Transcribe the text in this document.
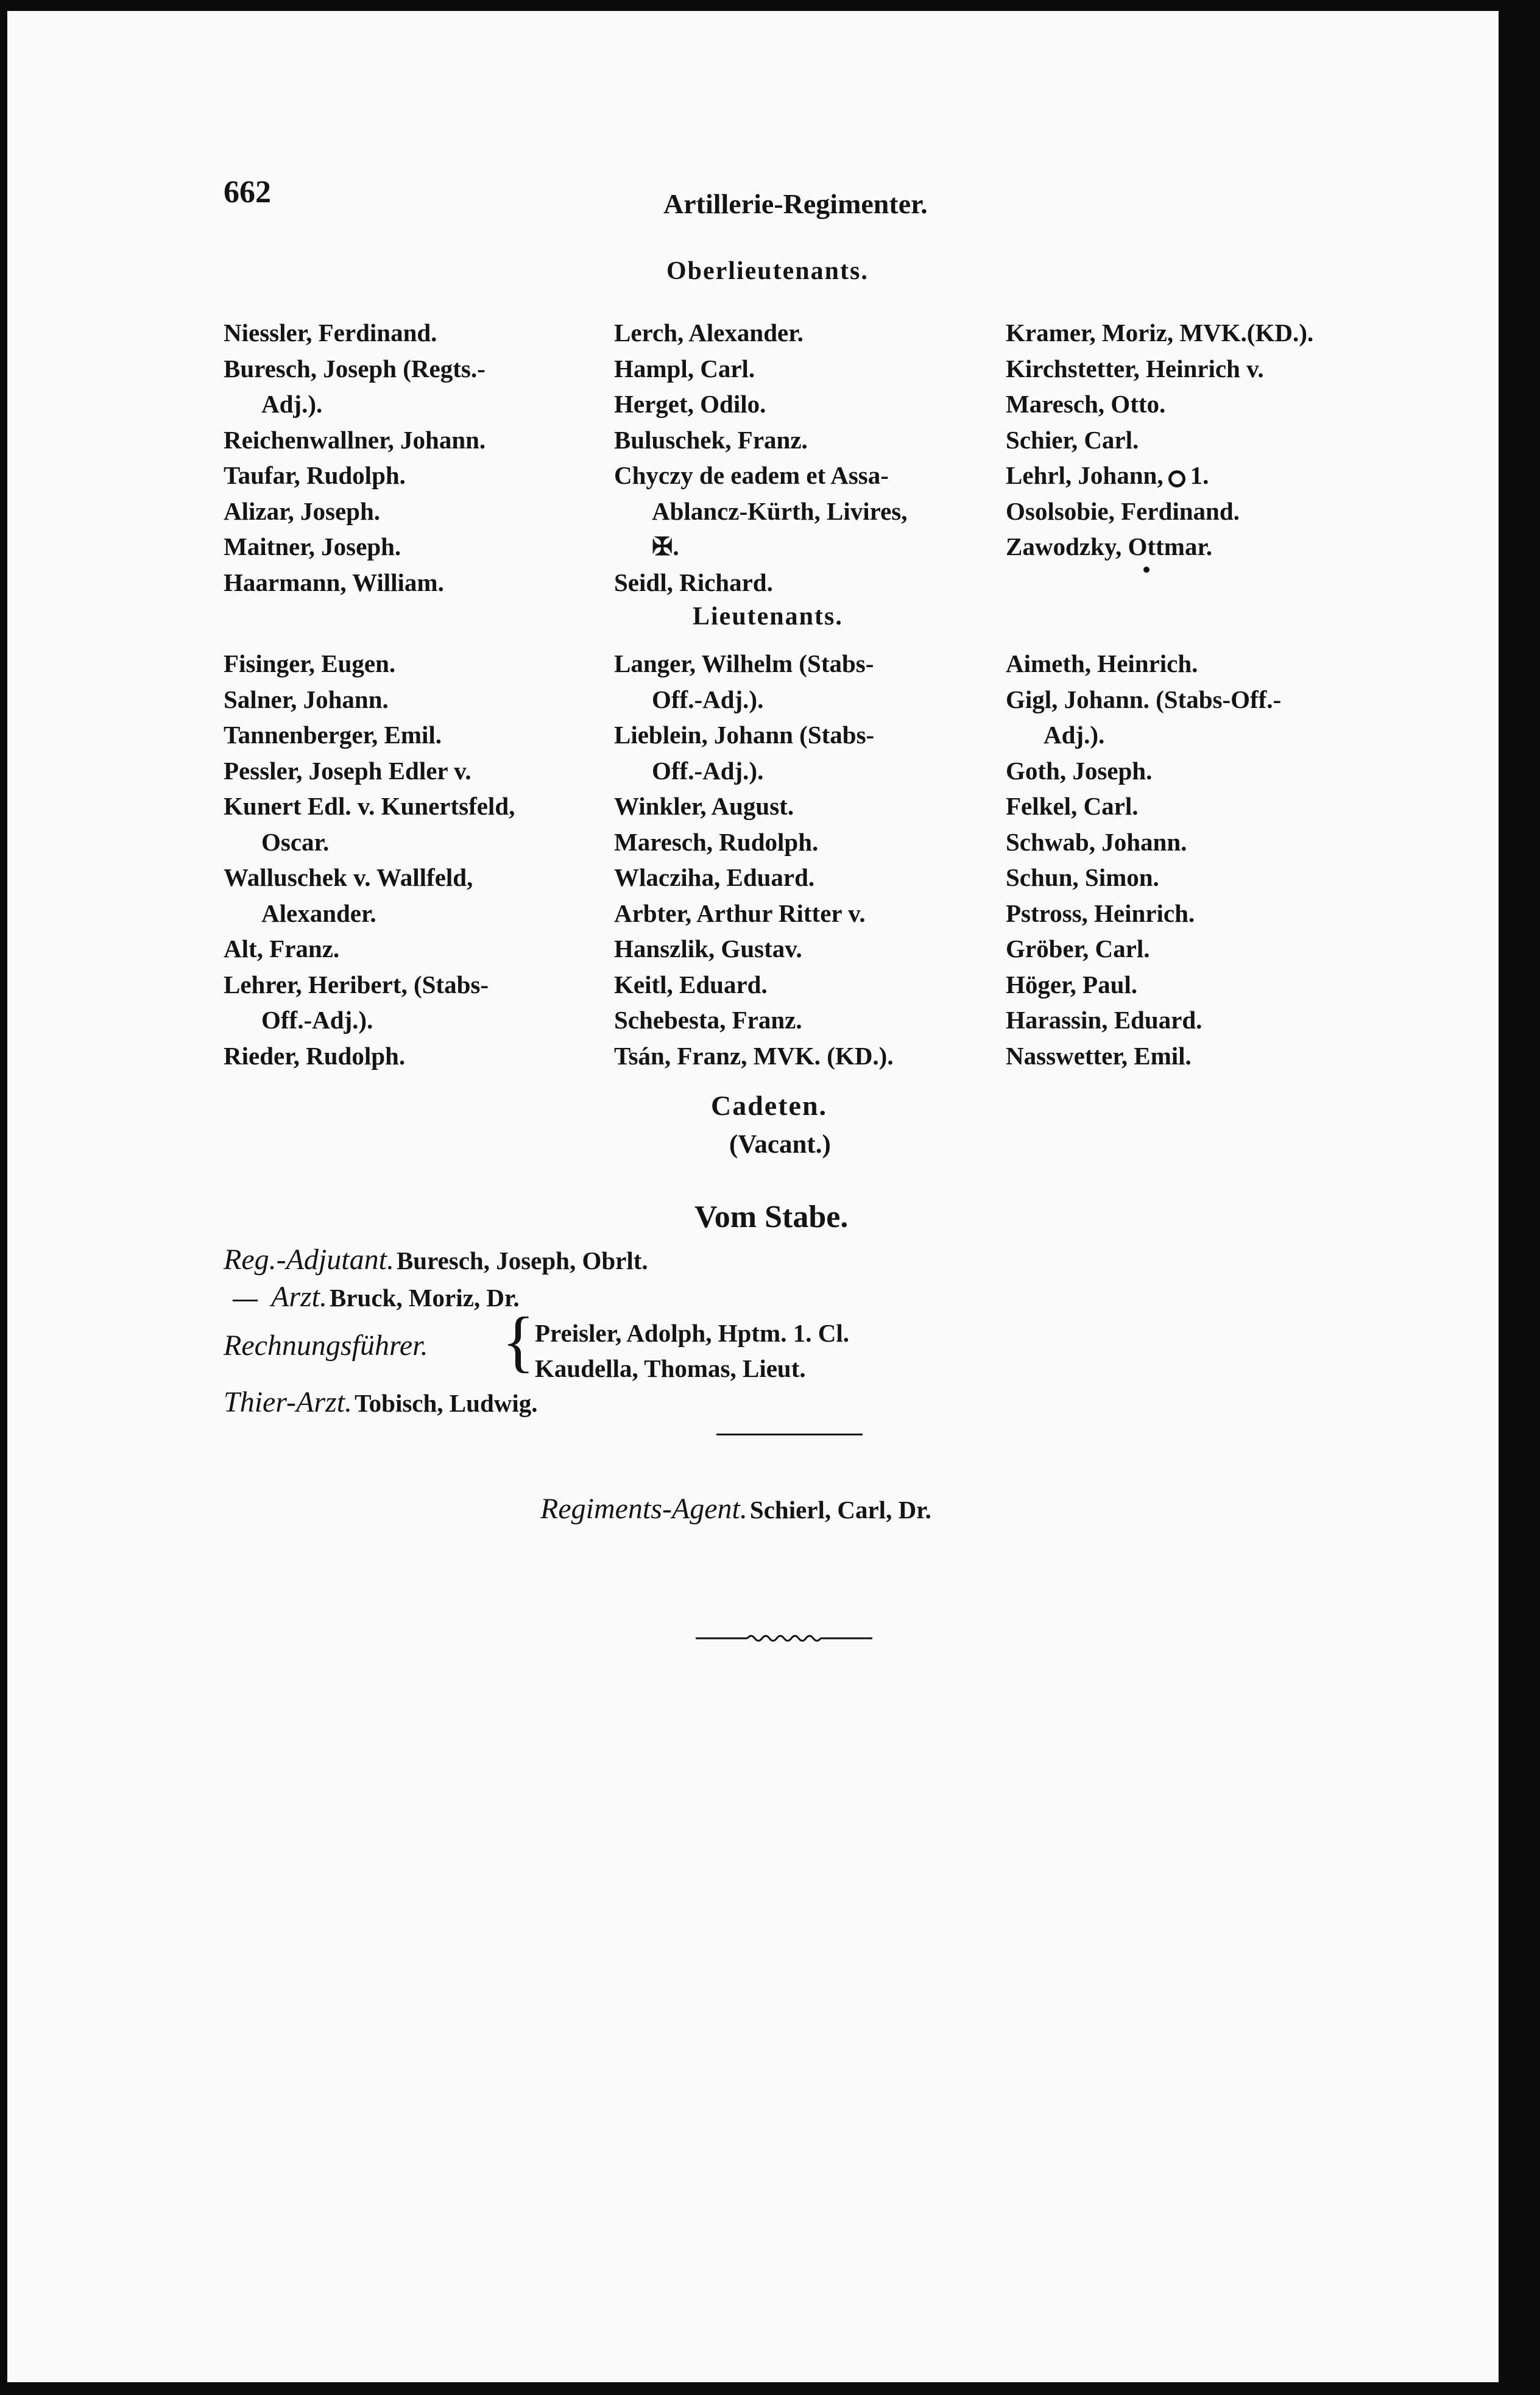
662	Artillerie-Regimenter.
Oberlieutenants.
Niessler, Ferdinand.
Buresch, Joseph (Regts.-
Adj.).
Reichenwallner, Johann.
Taufar, Rudolph.
Alizar, Joseph.
Maitner, Joseph.
Haarmann, William.
Lerch, Alexander.
Hampl, Carl.
Herget, Odilo.
Buluschek, Franz.
Chyczy de eadem et Assa-
Ablancz-Kürth, Livires,
✠.
Seidl, Richard.
Kramer, Moriz, MVK.(KD.).
Kirchstetter, Heinrich v.
Maresch, Otto.
Schier, Carl.
Lehrl, Johann, 1.
Osolsobie, Ferdinand.
Zawodzky, Ottmar.
Lieutenants.
Fisinger, Eugen.
Salner, Johann.
Tannenberger, Emil.
Pessler, Joseph Edler v.
Kunert Edl. v. Kunertsfeld,
Oscar.
Walluschek v. Wallfeld,
Alexander.
Alt, Franz.
Lehrer, Heribert, (Stabs-
Off.-Adj.).
Rieder, Rudolph.
Langer, Wilhelm (Stabs-
Off.-Adj.).
Lieblein, Johann (Stabs-
Off.-Adj.).
Winkler, August.
Maresch, Rudolph.
Wlacziha, Eduard.
Arbter, Arthur Ritter v.
Hanszlik, Gustav.
Keitl, Eduard.
Schebesta, Franz.
Tsán, Franz, MVK. (KD.).
Aimeth, Heinrich.
Gigl, Johann. (Stabs-Off.-
Adj.).
Goth, Joseph.
Felkel, Carl.
Schwab, Johann.
Schun, Simon.
Pstross, Heinrich.
Gröber, Carl.
Höger, Paul.
Harassin, Eduard.
Nasswetter, Emil.
Cadeten.
(Vacant.)
Vom Stabe.
Reg.-Adjutant. Buresch, Joseph, Obrlt.
— Arzt. Bruck, Moriz, Dr.
Rechnungsführer. { Preisler, Adolph, Hptm. 1. Cl.
Kaudella, Thomas, Lieut.
Thier-Arzt. Tobisch, Ludwig.
Regiments-Agent. Schierl, Carl, Dr.
